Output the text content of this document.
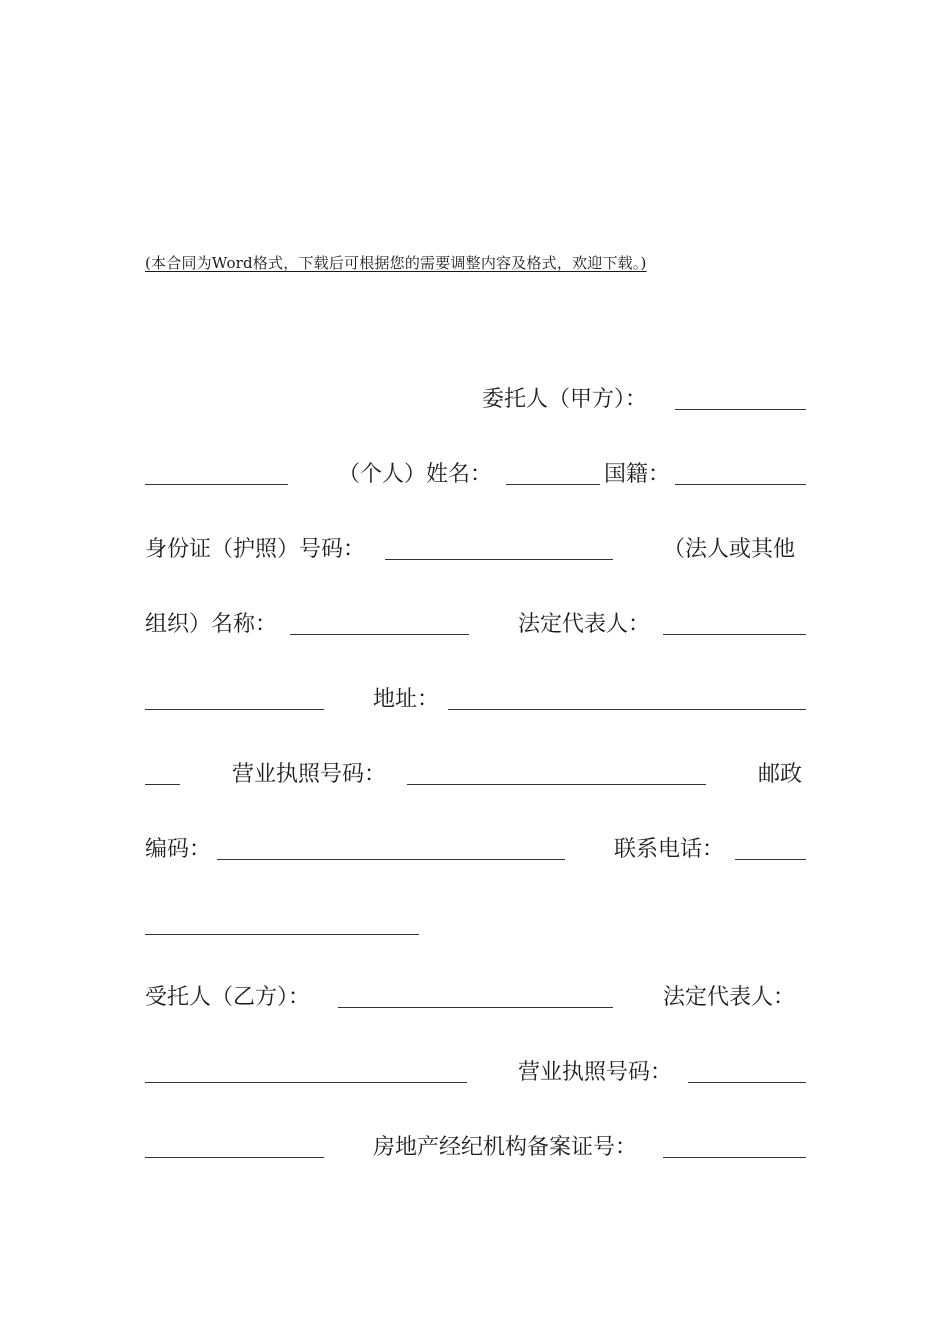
(本合同为Word格式，下载后可根据您的需要调整内容及格式，欢迎下载。)
委托人（甲方）：
（个人）姓名：	国籍：
身份证（护照）号码：	（法人或其他
组织）名称：	法定代表人：
地址：
营业执照号码：	邮政
编码：	联系电话：
受托人（乙方）：	法定代表人：
营业执照号码：
房地产经纪机构备案证号：
